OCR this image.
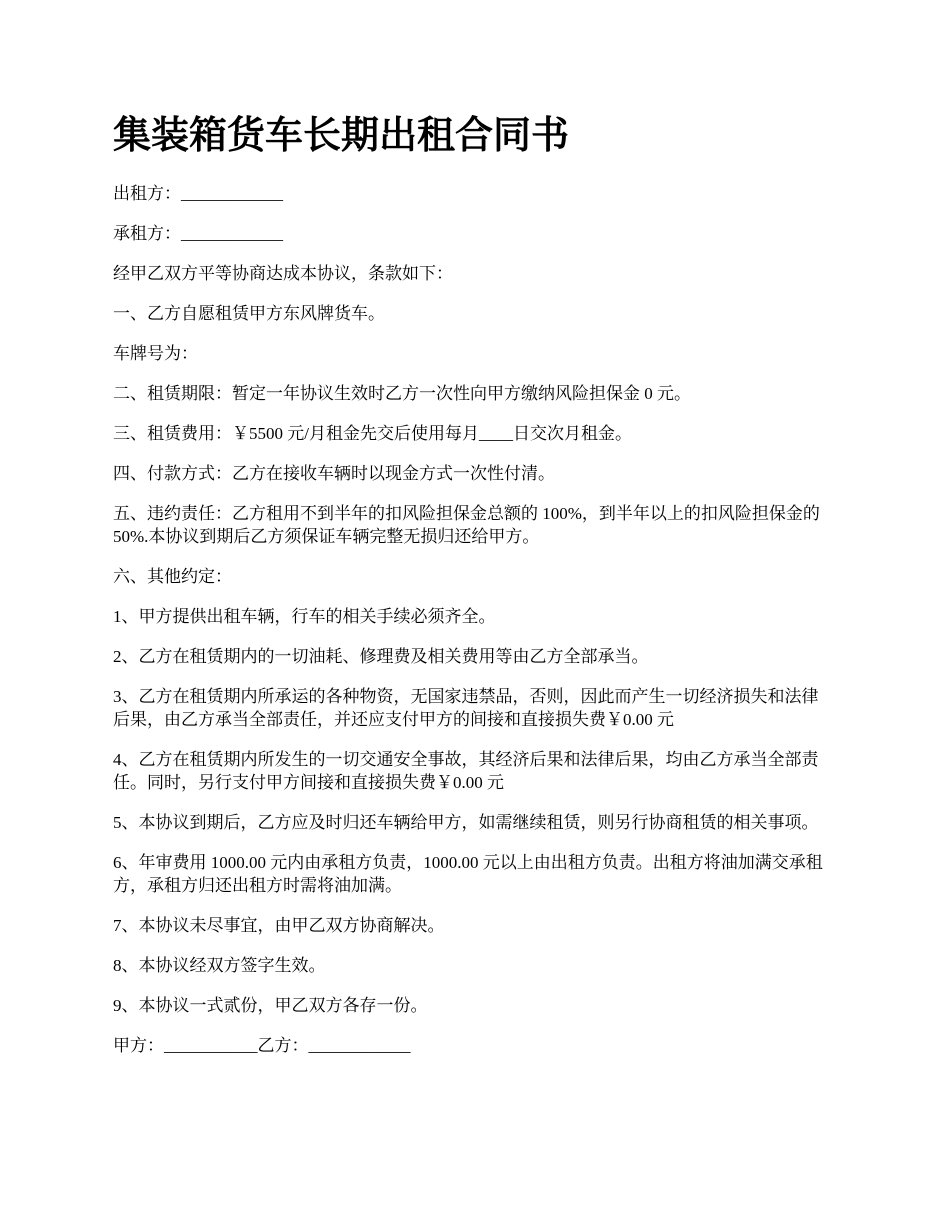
集装箱货车长期出租合同书

出租方：____________

承租方：____________

经甲乙双方平等协商达成本协议，条款如下：

一、乙方自愿租赁甲方东风牌货车。

车牌号为：

二、租赁期限：暂定一年协议生效时乙方一次性向甲方缴纳风险担保金 0 元。

三、租赁费用：￥5500 元/月租金先交后使用每月____日交次月租金。

四、付款方式：乙方在接收车辆时以现金方式一次性付清。

五、违约责任：乙方租用不到半年的扣风险担保金总额的 100%，到半年以上的扣风险担保金的 50%.本协议到期后乙方须保证车辆完整无损归还给甲方。

六、其他约定：

1、甲方提供出租车辆，行车的相关手续必须齐全。

2、乙方在租赁期内的一切油耗、修理费及相关费用等由乙方全部承当。

3、乙方在租赁期内所承运的各种物资，无国家违禁品，否则，因此而产生一切经济损失和法律后果，由乙方承当全部责任，并还应支付甲方的间接和直接损失费￥0.00 元

4、乙方在租赁期内所发生的一切交通安全事故，其经济后果和法律后果，均由乙方承当全部责任。同时，另行支付甲方间接和直接损失费￥0.00 元

5、本协议到期后，乙方应及时归还车辆给甲方，如需继续租赁，则另行协商租赁的相关事项。

6、年审费用 1000.00 元内由承租方负责，1000.00 元以上由出租方负责。出租方将油加满交承租方，承租方归还出租方时需将油加满。

7、本协议未尽事宜，由甲乙双方协商解决。

8、本协议经双方签字生效。

9、本协议一式贰份，甲乙双方各存一份。

甲方：___________乙方：____________
